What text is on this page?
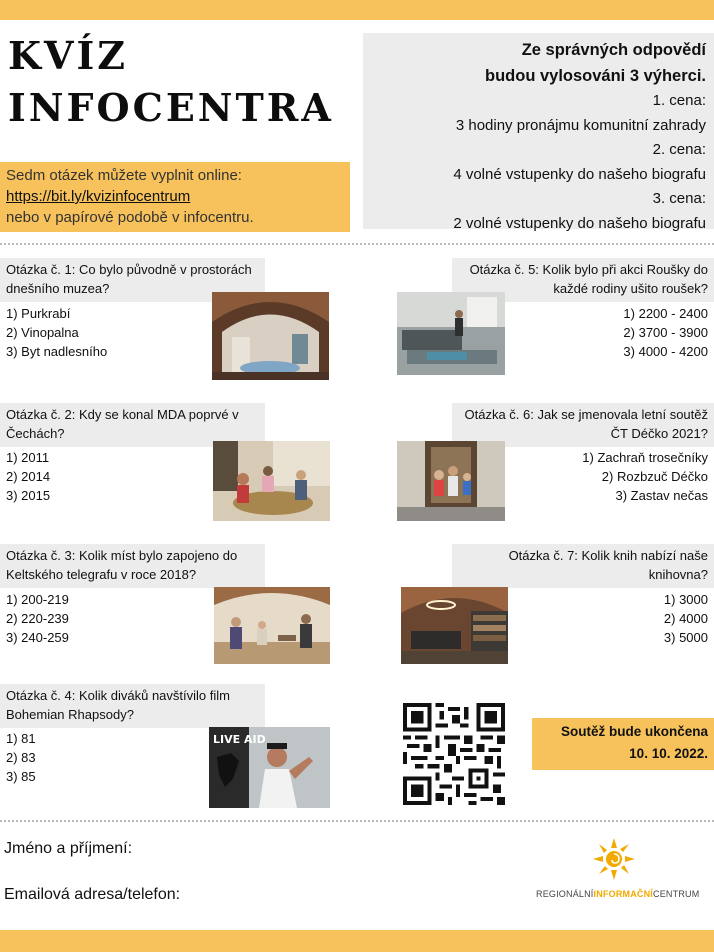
KVÍZ
INFOCENTRA
Ze správných odpovědí
budou vylosováni 3 výherci.
1. cena:
3 hodiny pronájmu komunitní zahrady
2. cena:
4 volné vstupenky do našeho biografu
3. cena:
2 volné vstupenky do našeho biografu
Sedm otázek můžete vyplnit online:
https://bit.ly/kvizinfocentrum
nebo v papírové podobě v infocentru.
Otázka č. 1: Co bylo původně v prostorách dnešního muzea?
1) Purkrabí
2) Vinopalna
3) Byt nadlesního
Otázka č. 2: Kdy se konal MDA poprvé v Čechách?
1) 2011
2) 2014
3) 2015
Otázka č. 3: Kolik míst bylo zapojeno do Keltského telegrafu v roce 2018?
1) 200-219
2) 220-239
3) 240-259
Otázka č. 4: Kolik diváků navštívilo film Bohemian Rhapsody?
1) 81
2) 83
3) 85
LIVE AID
Otázka č. 5: Kolik bylo při akci Roušky do každé rodiny ušito roušek?
1) 2200 - 2400
2) 3700 - 3900
3) 4000 - 4200
Otázka č. 6: Jak se jmenovala letní soutěž ČT Déčko 2021?
1) Zachraň trosečníky
2) Rozbzuč Déčko
3) Zastav nečas
Otázka č. 7: Kolik knih nabízí naše knihovna?
1) 3000
2) 4000
3) 5000
Soutěž bude ukončena
10. 10. 2022.
Jméno a příjmení:
Emailová adresa/telefon:	REGIONÁLNÍINFORMAČNÍCENTRUM
